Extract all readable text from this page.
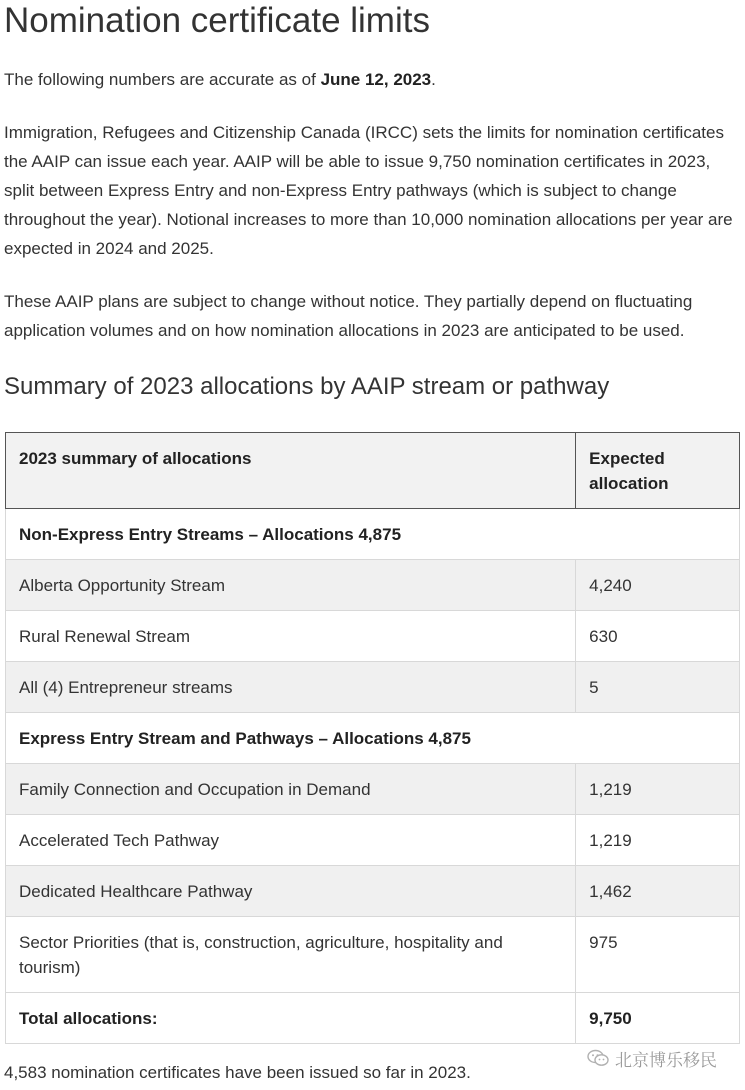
Nomination certificate limits

The following numbers are accurate as of June 12, 2023.

Immigration, Refugees and Citizenship Canada (IRCC) sets the limits for nomination certificates the AAIP can issue each year. AAIP will be able to issue 9,750 nomination certificates in 2023, split between Express Entry and non-Express Entry pathways (which is subject to change throughout the year). Notional increases to more than 10,000 nomination allocations per year are expected in 2024 and 2025.

These AAIP plans are subject to change without notice. They partially depend on fluctuating application volumes and on how nomination allocations in 2023 are anticipated to be used.

Summary of 2023 allocations by AAIP stream or pathway
2023 summary of allocations	Expected allocation
Non-Express Entry Streams – Allocations 4,875	
Alberta Opportunity Stream	4,240
Rural Renewal Stream	630
All (4) Entrepreneur streams	5
Express Entry Stream and Pathways – Allocations 4,875	
Family Connection and Occupation in Demand	1,219
Accelerated Tech Pathway	1,219
Dedicated Healthcare Pathway	1,462
Sector Priorities (that is, construction, agriculture, hospitality and tourism)	975
Total allocations:	9,750
4,583 nomination certificates have been issued so far in 2023.
北京博乐移民
